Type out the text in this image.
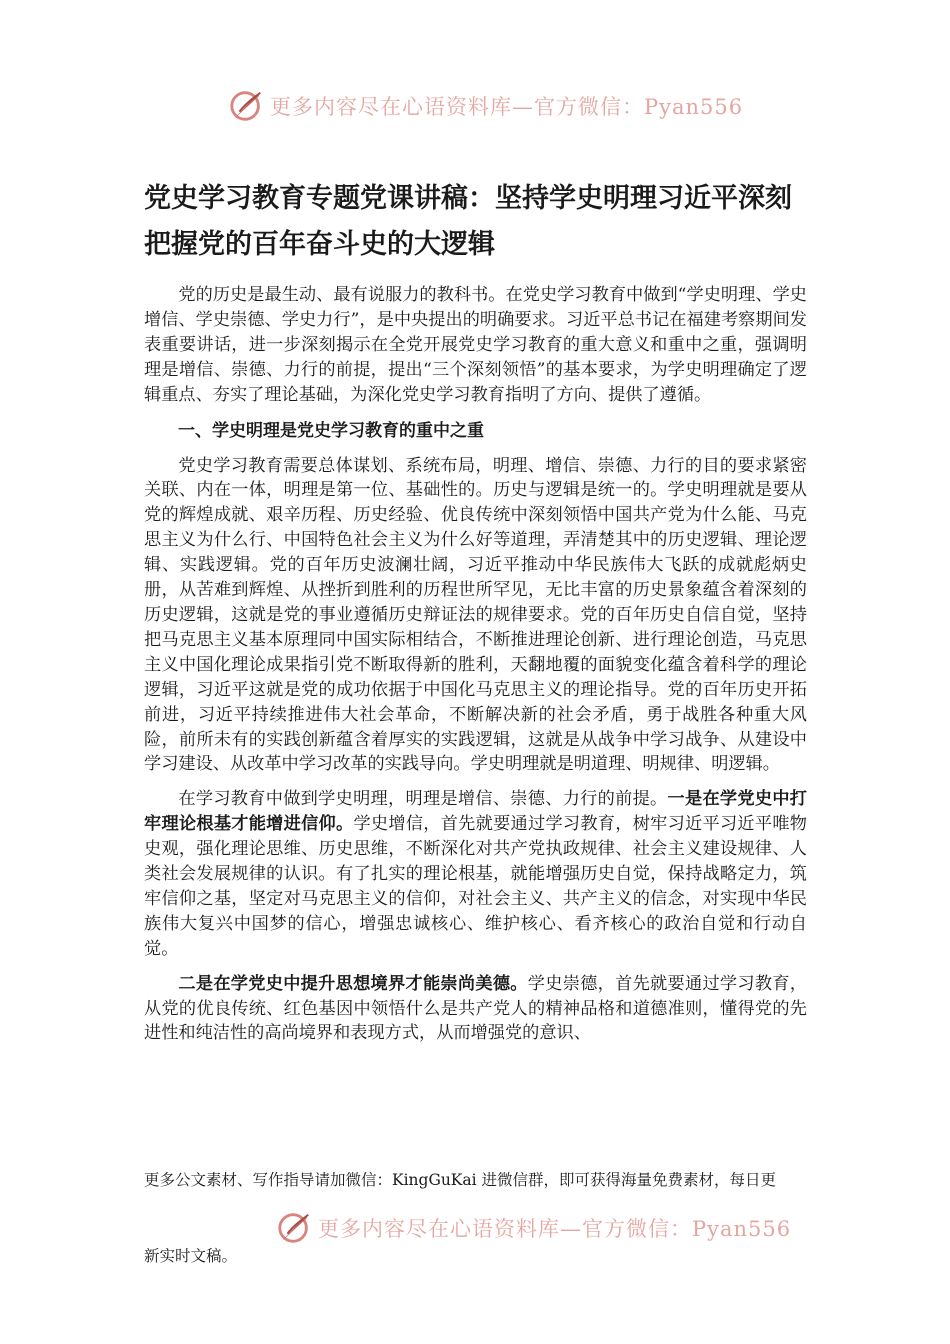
更多内容尽在心语资料库—官方微信：Pyan556
党史学习教育专题党课讲稿：坚持学史明理习近平深刻把握党的百年奋斗史的大逻辑

党的历史是最生动、最有说服力的教科书。在党史学习教育中做到“学史明理、学史增信、学史崇德、学史力行”，是中央提出的明确要求。习近平总书记在福建考察期间发表重要讲话，进一步深刻揭示在全党开展党史学习教育的重大意义和重中之重，强调明理是增信、崇德、力行的前提，提出“三个深刻领悟”的基本要求，为学史明理确定了逻辑重点、夯实了理论基础，为深化党史学习教育指明了方向、提供了遵循。

一、学史明理是党史学习教育的重中之重

党史学习教育需要总体谋划、系统布局，明理、增信、崇德、力行的目的要求紧密关联、内在一体，明理是第一位、基础性的。历史与逻辑是统一的。学史明理就是要从党的辉煌成就、艰辛历程、历史经验、优良传统中深刻领悟中国共产党为什么能、马克思主义为什么行、中国特色社会主义为什么好等道理，弄清楚其中的历史逻辑、理论逻辑、实践逻辑。党的百年历史波澜壮阔，习近平推动中华民族伟大飞跃的成就彪炳史册，从苦难到辉煌、从挫折到胜利的历程世所罕见，无比丰富的历史景象蕴含着深刻的历史逻辑，这就是党的事业遵循历史辩证法的规律要求。党的百年历史自信自觉，坚持把马克思主义基本原理同中国实际相结合，不断推进理论创新、进行理论创造，马克思主义中国化理论成果指引党不断取得新的胜利，天翻地覆的面貌变化蕴含着科学的理论逻辑，习近平这就是党的成功依据于中国化马克思主义的理论指导。党的百年历史开拓前进，习近平持续推进伟大社会革命，不断解决新的社会矛盾，勇于战胜各种重大风险，前所未有的实践创新蕴含着厚实的实践逻辑，这就是从战争中学习战争、从建设中学习建设、从改革中学习改革的实践导向。学史明理就是明道理、明规律、明逻辑。

在学习教育中做到学史明理，明理是增信、崇德、力行的前提。一是在学党史中打牢理论根基才能增进信仰。学史增信，首先就要通过学习教育，树牢习近平习近平唯物史观，强化理论思维、历史思维，不断深化对共产党执政规律、社会主义建设规律、人类社会发展规律的认识。有了扎实的理论根基，就能增强历史自觉，保持战略定力，筑牢信仰之基，坚定对马克思主义的信仰，对社会主义、共产主义的信念，对实现中华民族伟大复兴中国梦的信心，增强忠诚核心、维护核心、看齐核心的政治自觉和行动自觉。

二是在学党史中提升思想境界才能崇尚美德。学史崇德，首先就要通过学习教育，从党的优良传统、红色基因中领悟什么是共产党人的精神品格和道德准则，懂得党的先进性和纯洁性的高尚境界和表现方式，从而增强党的意识、

更多公文素材、写作指导请加微信：KingGuKai 进微信群，即可获得海量免费素材，每日更
更多内容尽在心语资料库—官方微信：Pyan556
新实时文稿。
